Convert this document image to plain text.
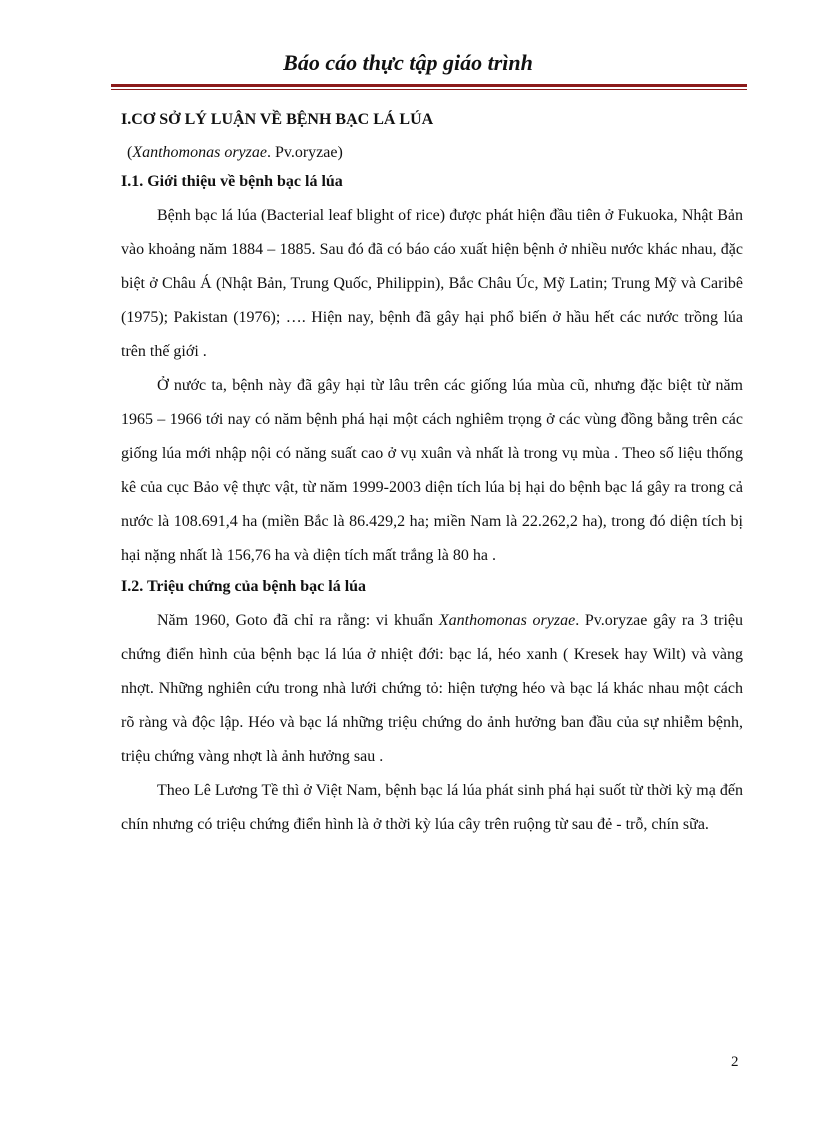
Báo cáo thực tập giáo trình
I.CƠ SỞ LÝ LUẬN VỀ BỆNH BẠC LÁ LÚA
(Xanthomonas oryzae. Pv.oryzae)
I.1. Giới thiệu về bệnh bạc lá lúa

Bệnh bạc lá lúa (Bacterial leaf blight of rice) được phát hiện đầu tiên ở Fukuoka, Nhật Bản vào khoảng năm 1884 – 1885. Sau đó đã có báo cáo xuất hiện bệnh ở nhiều nước khác nhau, đặc biệt ở Châu Á (Nhật Bản, Trung Quốc, Philippin), Bắc Châu Úc, Mỹ Latin; Trung Mỹ và Caribê (1975); Pakistan (1976); …. Hiện nay, bệnh đã gây hại phổ biến ở hầu hết các nước trồng lúa trên thế giới .

Ở nước ta, bệnh này đã gây hại từ lâu trên các giống lúa mùa cũ, nhưng đặc biệt từ năm 1965 – 1966 tới nay có năm bệnh phá hại một cách nghiêm trọng ở các vùng đồng bằng trên các giống lúa mới nhập nội có năng suất cao ở vụ xuân và nhất là trong vụ mùa . Theo số liệu thống kê của cục Bảo vệ thực vật, từ năm 1999-2003 diện tích lúa bị hại do bệnh bạc lá gây ra trong cả nước là 108.691,4 ha (miền Bắc là 86.429,2 ha; miền Nam là 22.262,2 ha), trong đó diện tích bị hại nặng nhất là 156,76 ha và diện tích mất trắng là 80 ha .

I.2. Triệu chứng của bệnh bạc lá lúa

Năm 1960, Goto đã chỉ ra rằng: vi khuẩn Xanthomonas oryzae. Pv.oryzae gây ra 3 triệu chứng điển hình của bệnh bạc lá lúa ở nhiệt đới: bạc lá, héo xanh ( Kresek hay Wilt) và vàng nhợt. Những nghiên cứu trong nhà lưới chứng tỏ: hiện tượng héo và bạc lá khác nhau một cách rõ ràng và độc lập. Héo và bạc lá những triệu chứng do ảnh hưởng ban đầu của sự nhiễm bệnh, triệu chứng vàng nhợt là ảnh hưởng sau .

Theo Lê Lương Tề thì ở Việt Nam, bệnh bạc lá lúa phát sinh phá hại suốt từ thời kỳ mạ đến chín nhưng có triệu chứng điển hình là ở thời kỳ lúa cây trên ruộng từ sau đẻ - trỗ, chín sữa.

2
